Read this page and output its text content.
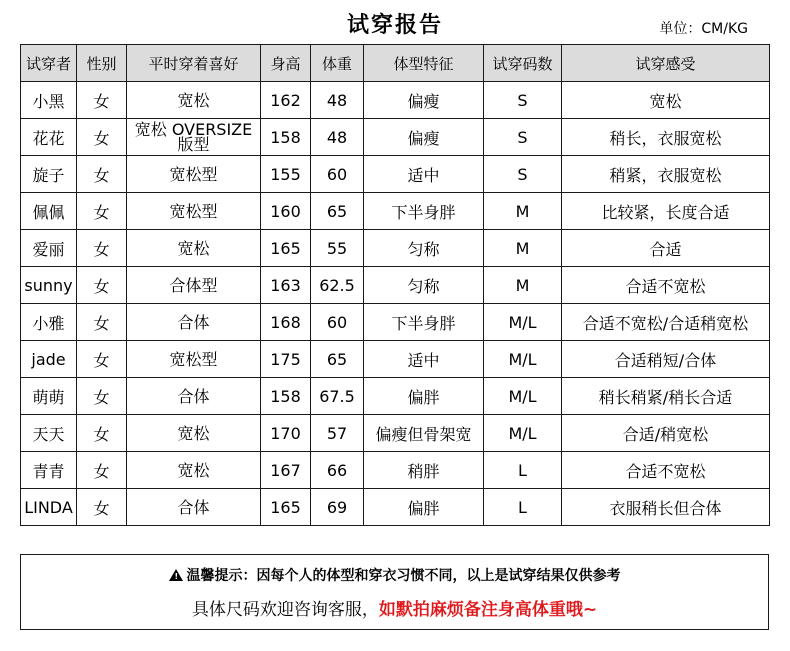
试穿报告	单位：CM/KG
试穿者	性别	平时穿着喜好	身高	体重	体型特征	试穿码数	试穿感受
小黑	女	宽松	162	48	偏瘦	S	宽松
花花	女	宽松 OVERSIZE版型	158	48	偏瘦	S	稍长，衣服宽松
旋子	女	宽松型	155	60	适中	S	稍紧，衣服宽松
佩佩	女	宽松型	160	65	下半身胖	M	比较紧，长度合适
爱丽	女	宽松	165	55	匀称	M	合适
sunny	女	合体型	163	62.5	匀称	M	合适不宽松
小雅	女	合体	168	60	下半身胖	M/L	合适不宽松/合适稍宽松
jade	女	宽松型	175	65	适中	M/L	合适稍短/合体
萌萌	女	合体	158	67.5	偏胖	M/L	稍长稍紧/稍长合适
天天	女	宽松	170	57	偏瘦但骨架宽	M/L	合适/稍宽松
青青	女	宽松	167	66	稍胖	L	合适不宽松
LINDA	女	合体	165	69	偏胖	L	衣服稍长但合体
! 温馨提示：因每个人的体型和穿衣习惯不同，以上是试穿结果仅供参考
具体尺码欢迎咨询客服，如默拍麻烦备注身高体重哦~
